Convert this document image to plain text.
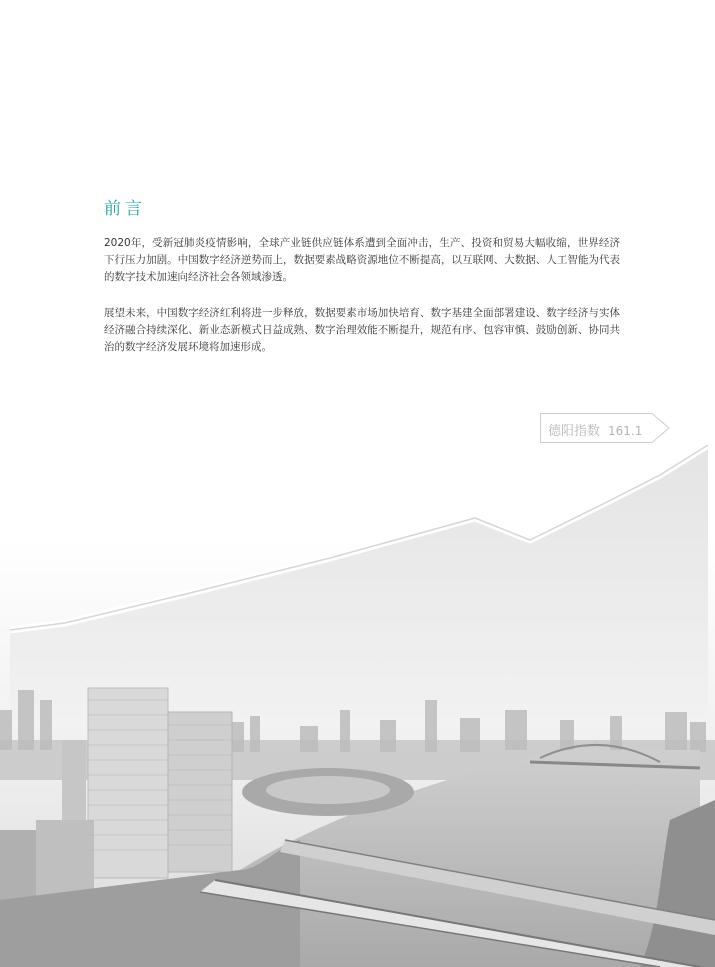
前言

2020年，受新冠肺炎疫情影响，全球产业链供应链体系遭到全面冲击，生产、投资和贸易大幅收缩，世界经济下行压力加剧。中国数字经济逆势而上，数据要素战略资源地位不断提高，以互联网、大数据、人工智能为代表的数字技术加速向经济社会各领域渗透。

展望未来，中国数字经济红利将进一步释放，数据要素市场加快培育、数字基建全面部署建设、数字经济与实体经济融合持续深化、新业态新模式日益成熟、数字治理效能不断提升，规范有序、包容审慎、鼓励创新、协同共治的数字经济发展环境将加速形成。

德阳指数 161.1
